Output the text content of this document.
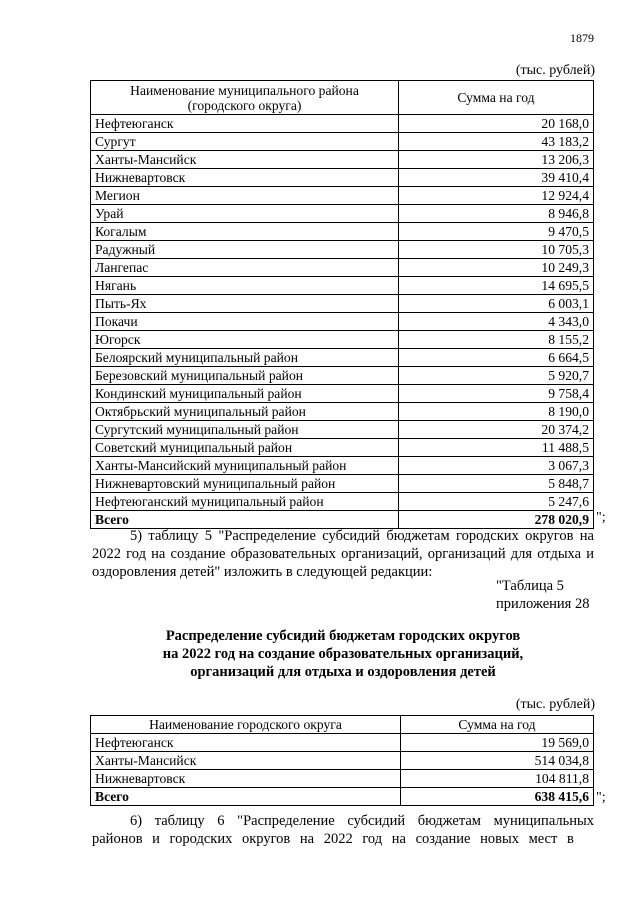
1879
(тыс. рублей)
Наименование муниципального района (городского округа)	Сумма на год
Нефтеюганск	20 168,0
Сургут	43 183,2
Ханты-Мансийск	13 206,3
Нижневартовск	39 410,4
Мегион	12 924,4
Урай	8 946,8
Когалым	9 470,5
Радужный	10 705,3
Лангепас	10 249,3
Нягань	14 695,5
Пыть-Ях	6 003,1
Покачи	4 343,0
Югорск	8 155,2
Белоярский муниципальный район	6 664,5
Березовский муниципальный район	5 920,7
Кондинский муниципальный район	9 758,4
Октябрьский муниципальный район	8 190,0
Сургутский муниципальный район	20 374,2
Советский муниципальный район	11 488,5
Ханты-Мансийский муниципальный район	3 067,3
Нижневартовский муниципальный район	5 848,7
Нефтеюганский муниципальный район	5 247,6
Всего	278 020,9 ";
5) таблицу 5 "Распределение субсидий бюджетам городских округов на 2022 год на создание образовательных организаций, организаций для отдыха и оздоровления детей" изложить в следующей редакции:
"Таблица 5
приложения 28
Распределение субсидий бюджетам городских округов
на 2022 год на создание образовательных организаций,
организаций для отдыха и оздоровления детей
(тыс. рублей)
Наименование городского округа	Сумма на год
Нефтеюганск	19 569,0
Ханты-Мансийск	514 034,8
Нижневартовск	104 811,8
Всего	638 415,6 ";
6) таблицу 6 "Распределение субсидий бюджетам муниципальных районов и городских округов на 2022 год на создание новых мест в
